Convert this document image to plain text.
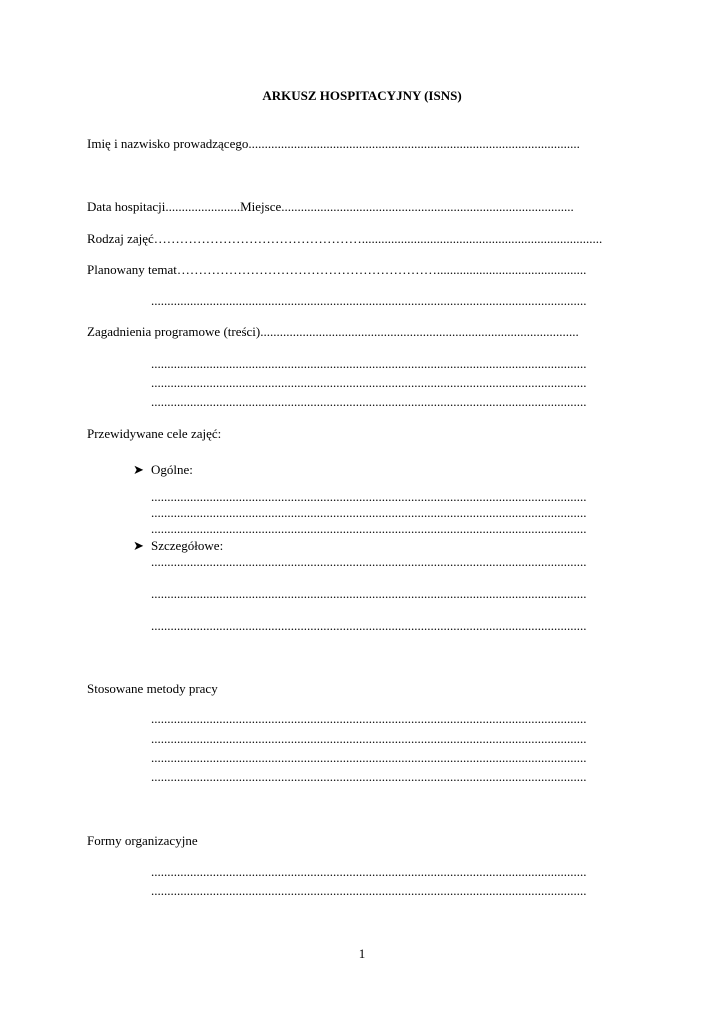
ARKUSZ HOSPITACYJNY (ISNS)
Imię i nazwisko prowadzącego......................................................................................................
Data hospitacji.......................Miejsce..........................................................................................
Rodzaj zajęć…………………………………………..........................................................................
Planowany temat……………………………………………………..............................................
......................................................................................................................................
Zagadnienia programowe (treści)..................................................................................................
......................................................................................................................................
......................................................................................................................................
......................................................................................................................................
Przewidywane cele zajęć:
➤ Ogólne:
......................................................................................................................................
......................................................................................................................................
......................................................................................................................................
➤ Szczegółowe:
......................................................................................................................................
......................................................................................................................................
......................................................................................................................................
Stosowane metody pracy
......................................................................................................................................
......................................................................................................................................
......................................................................................................................................
......................................................................................................................................
Formy organizacyjne
......................................................................................................................................
......................................................................................................................................
1
